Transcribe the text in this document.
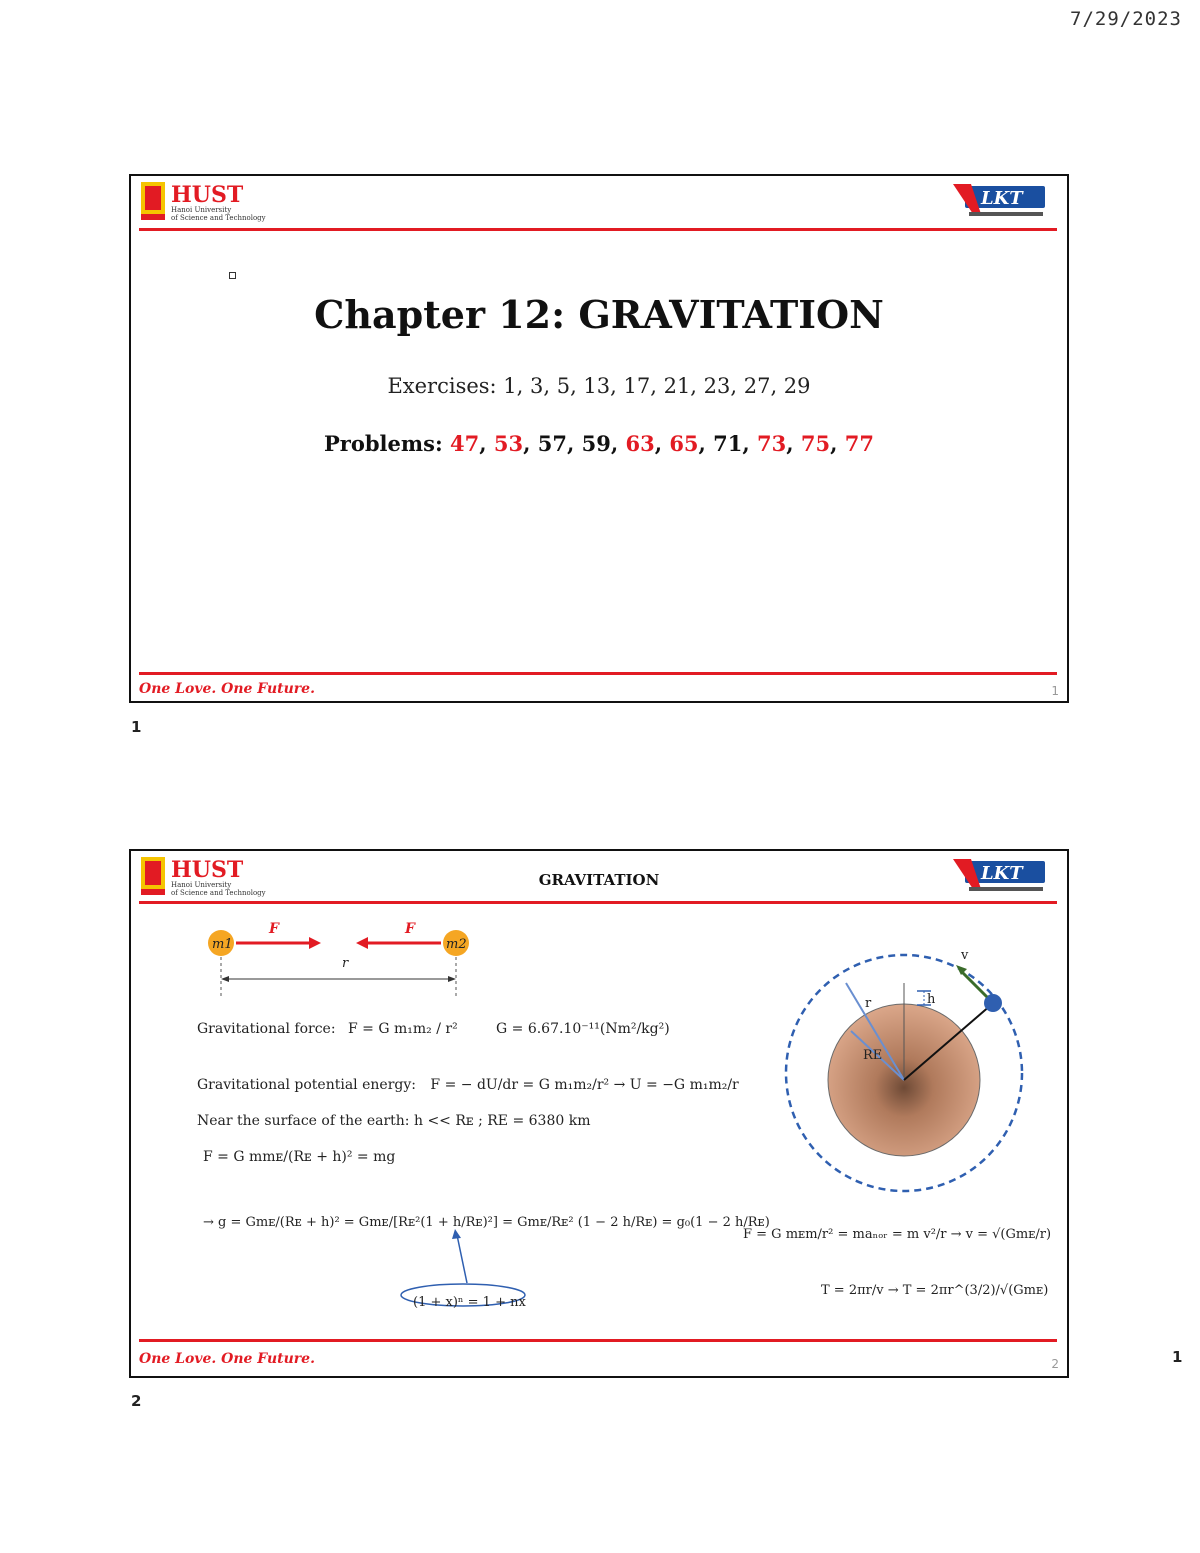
7/29/2023
HUST
Hanoi University
of Science and Technology
LKT
Chapter 12: GRAVITATION
Exercises: 1, 3, 5, 13, 17, 21, 23, 27, 29
Problems: 47, 53, 57, 59, 63, 65, 71, 73, 75, 77
One Love. One Future.	1
1
HUST
Hanoi University
of Science and Technology
GRAVITATION	LKT
m1	m2
F	F
r
Gravitational force: F = G m₁m₂ / r²	G = 6.67.10⁻¹¹(Nm²/kg²)
Gravitational potential energy: F = − dU/dr = G m₁m₂/r² → U = −G m₁m₂/r
Near the surface of the earth: h << Rᴇ ; RE = 6380 km
F = G mmᴇ/(Rᴇ + h)² = mg
→ g = Gmᴇ/(Rᴇ + h)² = Gmᴇ/[Rᴇ²(1 + h/Rᴇ)²] = Gmᴇ/Rᴇ² (1 − 2 h/Rᴇ) = g₀(1 − 2 h/Rᴇ)
(1 + x)ⁿ = 1 + nx
v
r	h
RE
F = G mᴇm/r² = maₙₒᵣ = m v²/r → v = √(Gmᴇ/r)
T = 2πr/v → T = 2πr^(3/2)/√(Gmᴇ)
One Love. One Future.	2
2
1
